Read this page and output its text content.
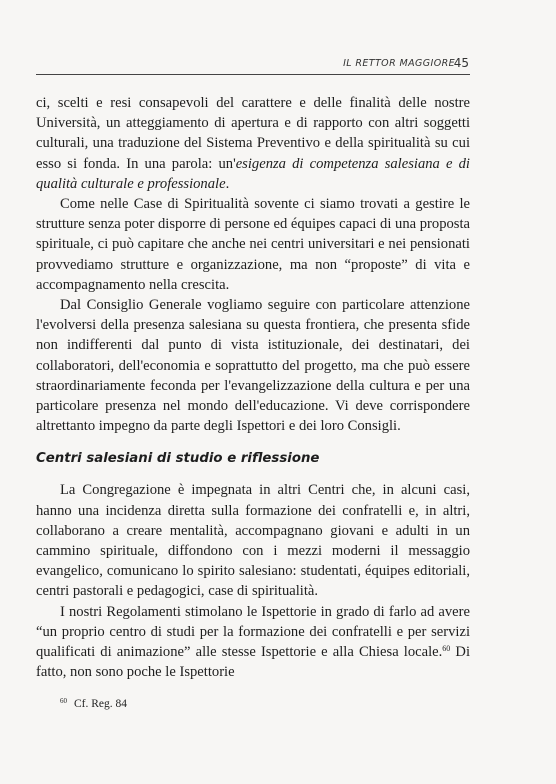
IL RETTOR MAGGIORE
45

ci, scelti e resi consapevoli del carattere e delle finalità delle nostre Università, un atteggiamento di apertura e di rapporto con altri soggetti culturali, una traduzione del Sistema Preventivo e della spiritualità su cui esso si fonda. In una parola: un'esigenza di competenza salesiana e di qualità culturale e professionale.

Come nelle Case di Spiritualità sovente ci siamo trovati a gestire le strutture senza poter disporre di persone ed équipes capaci di una proposta spirituale, ci può capitare che anche nei centri universitari e nei pensionati provvediamo strutture e organizzazione, ma non “proposte” di vita e accompagnamento nella crescita.

Dal Consiglio Generale vogliamo seguire con particolare attenzione l'evolversi della presenza salesiana su questa frontiera, che presenta sfide non indifferenti dal punto di vista istituzionale, dei destinatari, dei collaboratori, dell'economia e soprattutto del progetto, ma che può essere straordinariamente feconda per l'evangelizzazione della cultura e per una particolare presenza nel mondo dell'educazione. Vi deve corrispondere altrettanto impegno da parte degli Ispettori e dei loro Consigli.

Centri salesiani di studio e riflessione

La Congregazione è impegnata in altri Centri che, in alcuni casi, hanno una incidenza diretta sulla formazione dei confratelli e, in altri, collaborano a creare mentalità, accompagnano giovani e adulti in un cammino spirituale, diffondono con i mezzi moderni il messaggio evangelico, comunicano lo spirito salesiano: studentati, équipes editoriali, centri pastorali e pedagogici, case di spiritualità.

I nostri Regolamenti stimolano le Ispettorie in grado di farlo ad avere “un proprio centro di studi per la formazione dei confratelli e per servizi qualificati di animazione” alle stesse Ispettorie e alla Chiesa locale.$^{60}$ Di fatto, non sono poche le Ispettorie

$^{60}$ Cf. Reg. 84
